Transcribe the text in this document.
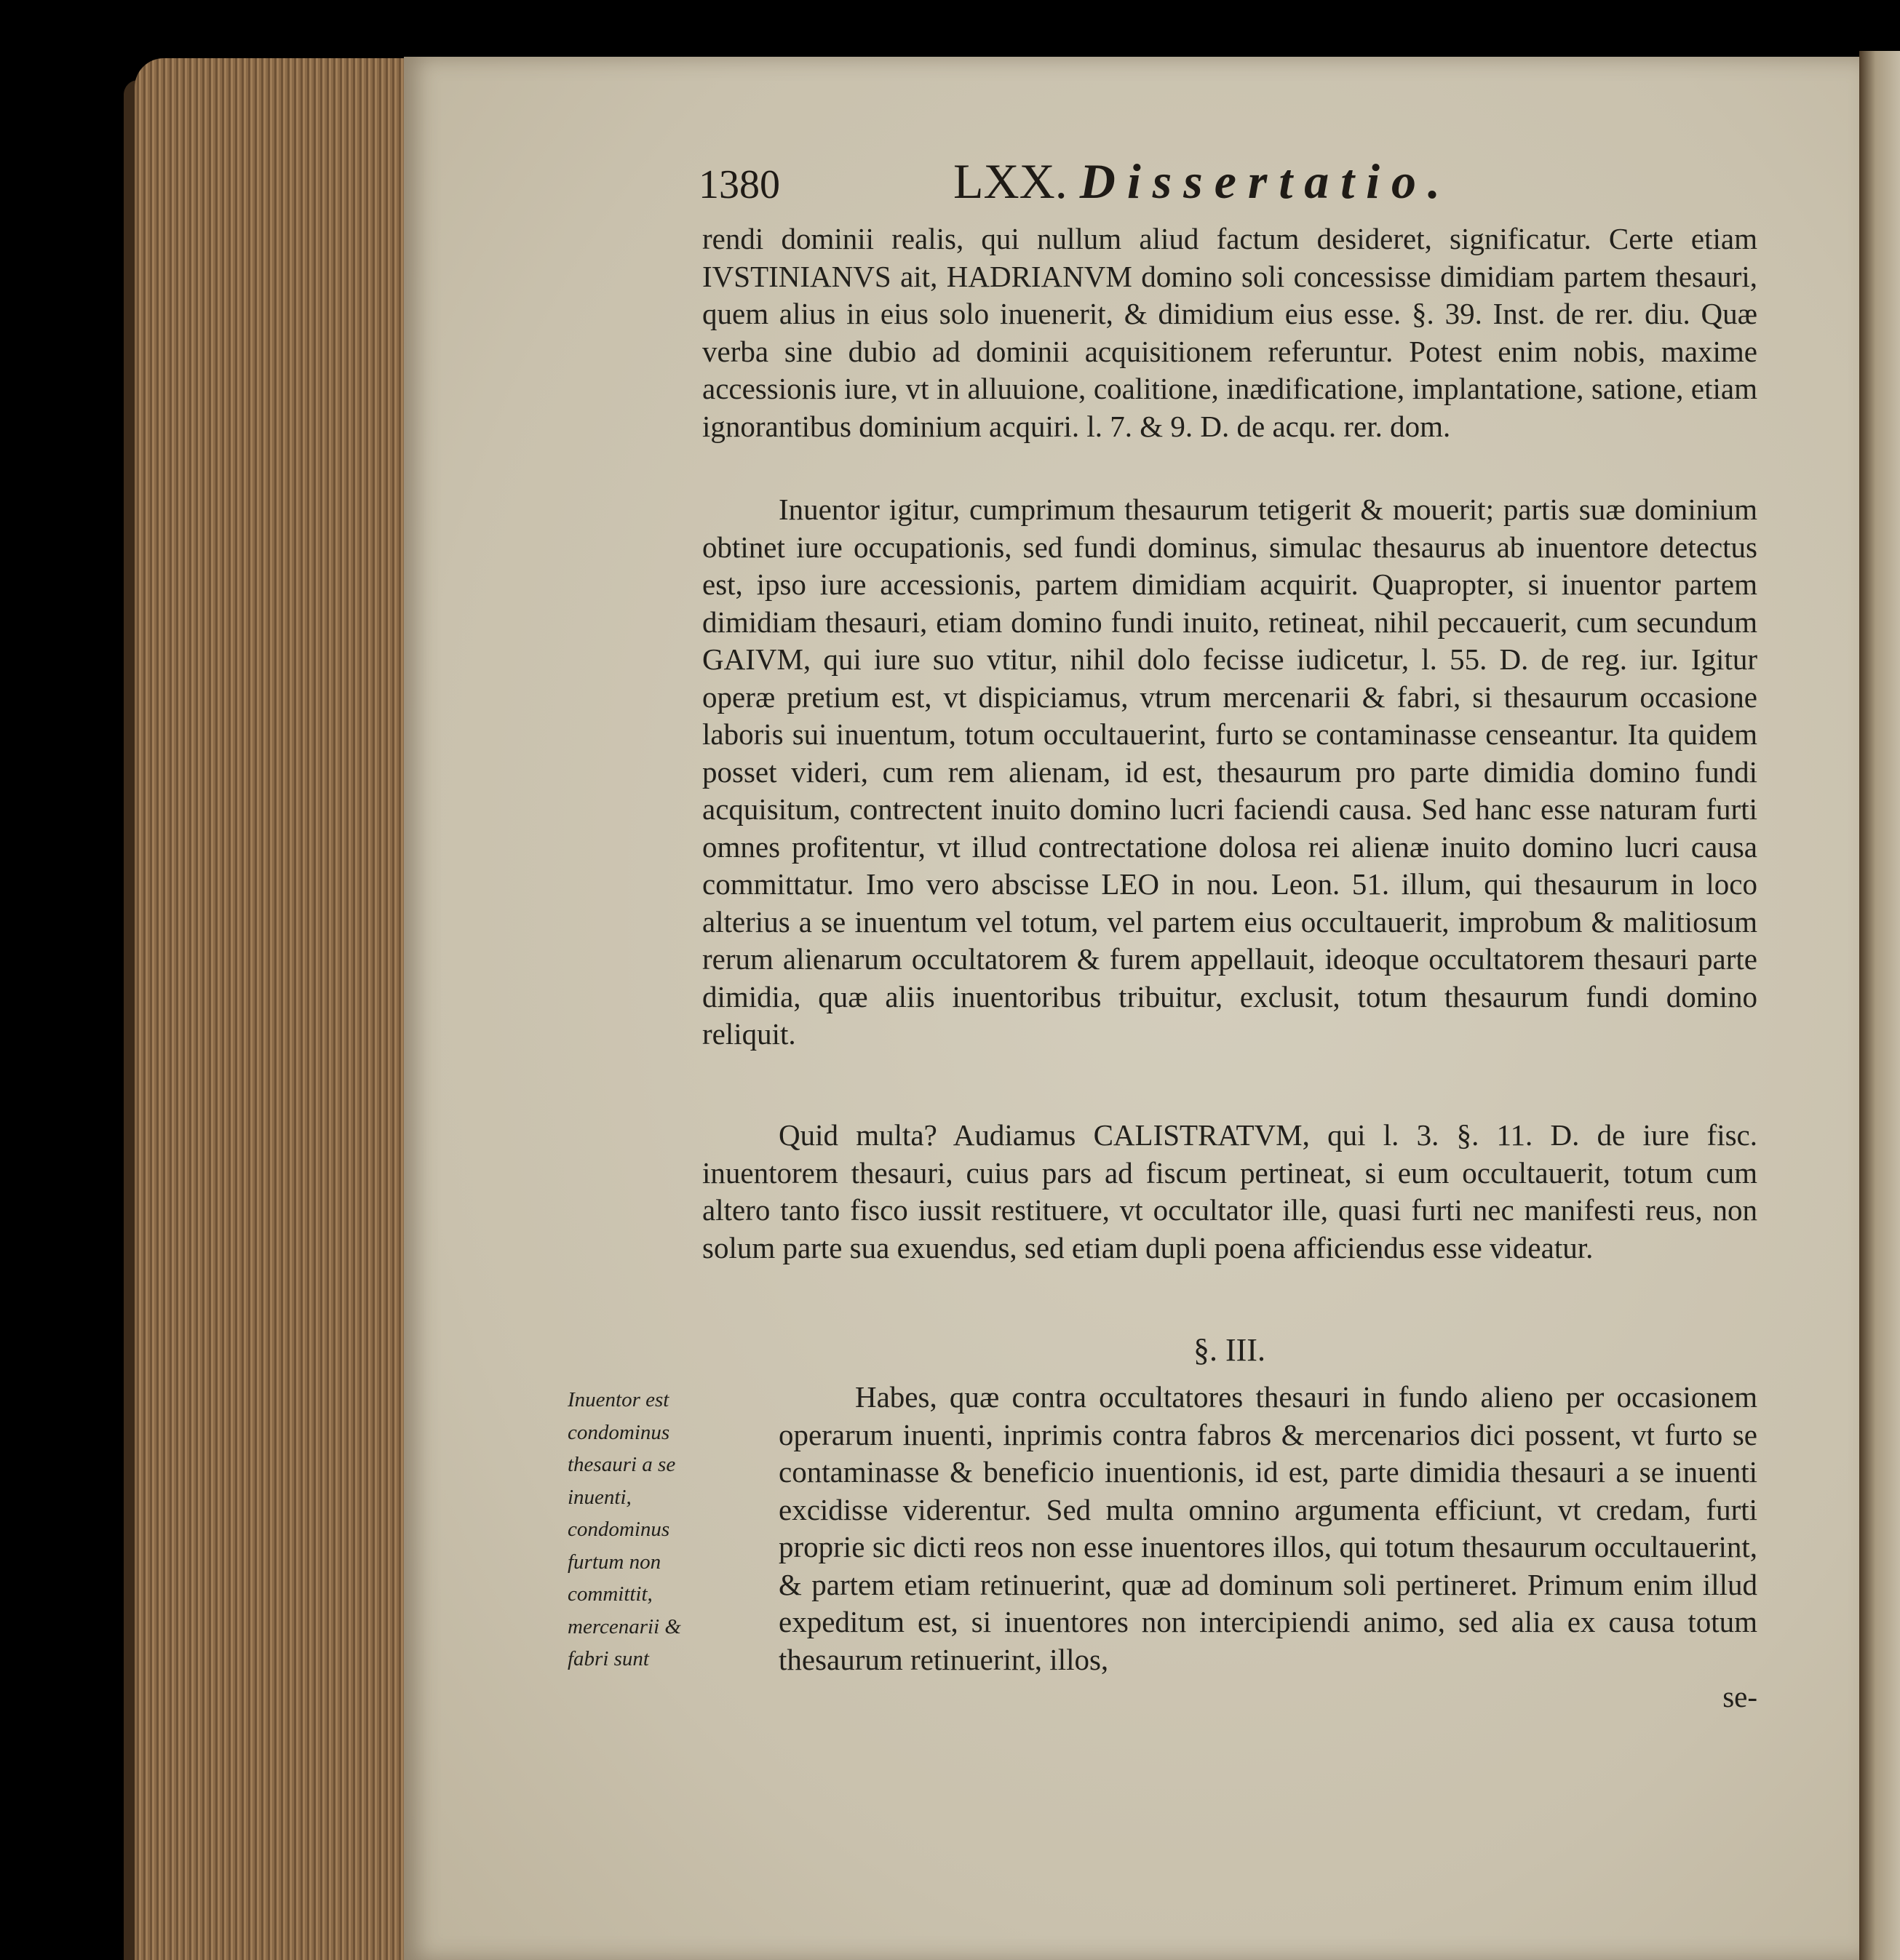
1380	LXX. Dissertatio.

rendi dominii realis, qui nullum aliud factum desideret, significatur. Certe etiam IVSTINIANVS ait, HADRIANVM domino soli concessisse dimidiam partem thesauri, quem alius in eius solo inuenerit, & dimidium eius esse. §. 39. Inst. de rer. diu. Quæ verba sine dubio ad dominii acquisitionem referuntur. Potest enim nobis, maxime accessionis iure, vt in alluuione, coalitione, inædificatione, implantatione, satione, etiam ignorantibus dominium acquiri. l. 7. & 9. D. de acqu. rer. dom.

Inuentor igitur, cumprimum thesaurum tetigerit & mouerit; partis suæ dominium obtinet iure occupationis, sed fundi dominus, simulac thesaurus ab inuentore detectus est, ipso iure accessionis, partem dimidiam acquirit. Quapropter, si inuentor partem dimidiam thesauri, etiam domino fundi inuito, retineat, nihil peccauerit, cum secundum GAIVM, qui iure suo vtitur, nihil dolo fecisse iudicetur, l. 55. D. de reg. iur. Igitur operæ pretium est, vt dispiciamus, vtrum mercenarii & fabri, si thesaurum occasione laboris sui inuentum, totum occultauerint, furto se contaminasse censeantur. Ita quidem posset videri, cum rem alienam, id est, thesaurum pro parte dimidia domino fundi acquisitum, contrectent inuito domino lucri faciendi causa. Sed hanc esse naturam furti omnes profitentur, vt illud contrectatione dolosa rei alienæ inuito domino lucri causa committatur. Imo vero abscisse LEO in nou. Leon. 51. illum, qui thesaurum in loco alterius a se inuentum vel totum, vel partem eius occultauerit, improbum & malitiosum rerum alienarum occultatorem & furem appellauit, ideoque occultatorem thesauri parte dimidia, quæ aliis inuentoribus tribuitur, exclusit, totum thesaurum fundi domino reliquit.

Quid multa? Audiamus CALISTRATVM, qui l. 3. §. 11. D. de iure fisc. inuentorem thesauri, cuius pars ad fiscum pertineat, si eum occultauerit, totum cum altero tanto fisco iussit restituere, vt occultator ille, quasi furti nec manifesti reus, non solum parte sua exuendus, sed etiam dupli poena afficiendus esse videatur.

§. III.
Inuentor est condominus thesauri a se inuenti, condominus furtum non committit, mercenarii & fabri sunt

Habes, quæ contra occultatores thesauri in fundo alieno per occasionem operarum inuenti, inprimis contra fabros & mercenarios dici possent, vt furto se contaminasse & beneficio inuentionis, id est, parte dimidia thesauri a se inuenti excidisse viderentur. Sed multa omnino argumenta efficiunt, vt credam, furti proprie sic dicti reos non esse inuentores illos, qui totum thesaurum occultauerint, & partem etiam retinuerint, quæ ad dominum soli pertineret. Primum enim illud expeditum est, si inuentores non intercipiendi animo, sed alia ex causa totum thesaurum retinuerint, illos,

se-
